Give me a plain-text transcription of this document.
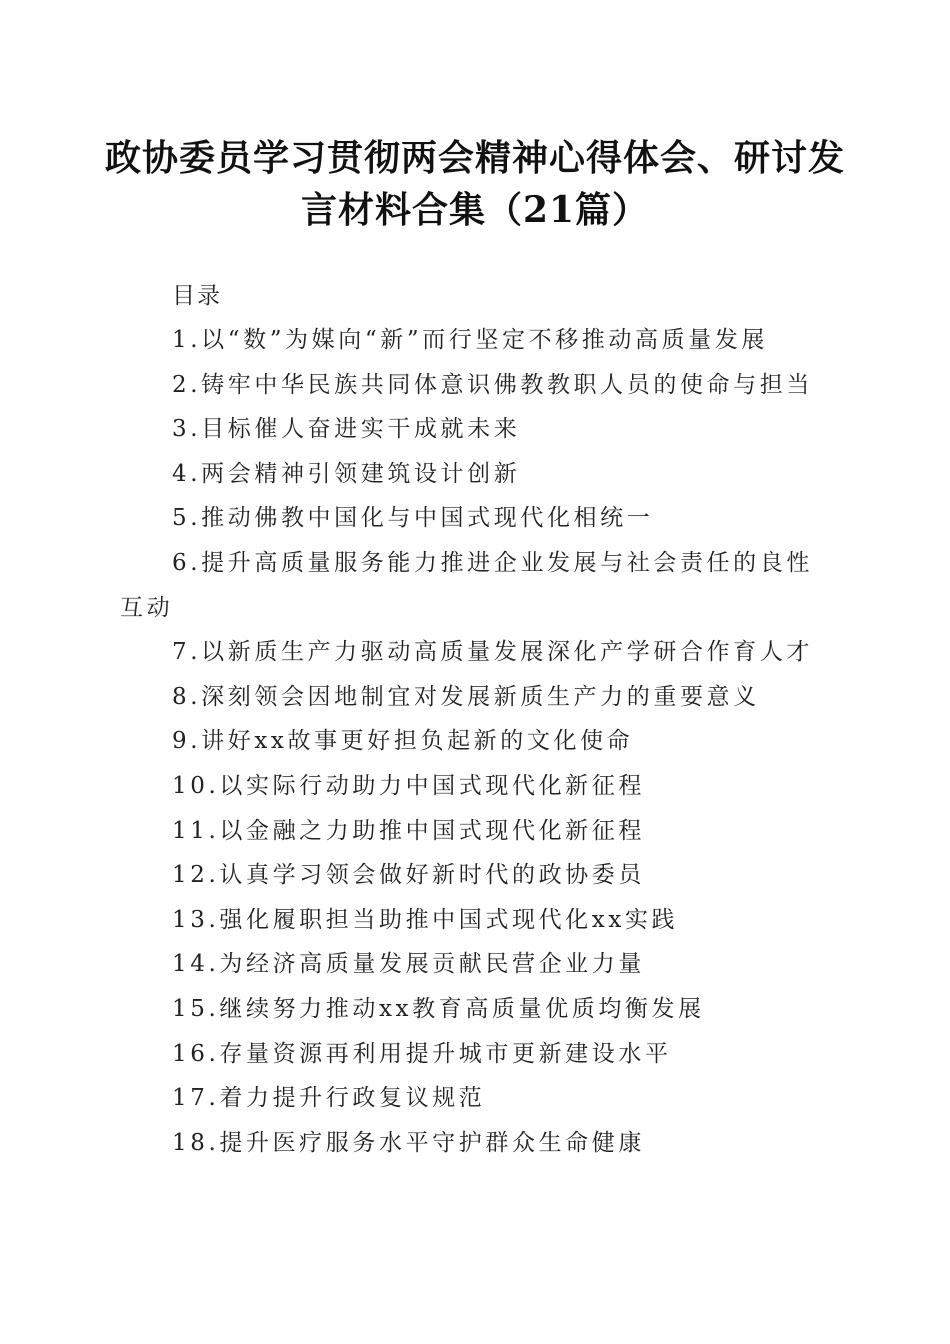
政协委员学习贯彻两会精神心得体会、研讨发
言材料合集（21篇）
目录
1.以“数”为媒向“新”而行坚定不移推动高质量发展
2.铸牢中华民族共同体意识佛教教职人员的使命与担当
3.目标催人奋进实干成就未来
4.两会精神引领建筑设计创新
5.推动佛教中国化与中国式现代化相统一
6.提升高质量服务能力推进企业发展与社会责任的良性互动
7.以新质生产力驱动高质量发展深化产学研合作育人才
8.深刻领会因地制宜对发展新质生产力的重要意义
9.讲好xx故事更好担负起新的文化使命
10.以实际行动助力中国式现代化新征程
11.以金融之力助推中国式现代化新征程
12.认真学习领会做好新时代的政协委员
13.强化履职担当助推中国式现代化xx实践
14.为经济高质量发展贡献民营企业力量
15.继续努力推动xx教育高质量优质均衡发展
16.存量资源再利用提升城市更新建设水平
17.着力提升行政复议规范
18.提升医疗服务水平守护群众生命健康
